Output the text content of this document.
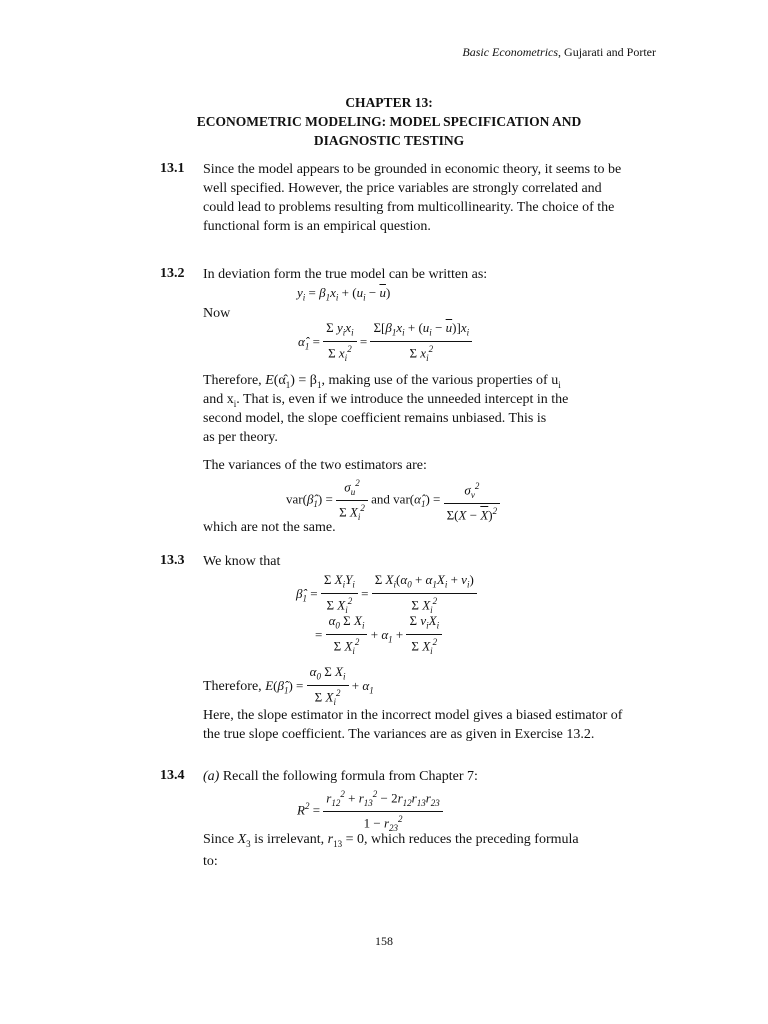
Basic Econometrics, Gujarati and Porter
CHAPTER 13:
ECONOMETRIC MODELING: MODEL SPECIFICATION AND
DIAGNOSTIC TESTING
13.1 Since the model appears to be grounded in economic theory, it seems to be well specified. However, the price variables are strongly correlated and could lead to problems resulting from multicollinearity. The choice of the functional form is an empirical question.
13.2 In deviation form the true model can be written as:
$y_i = \beta_1x_i + (u_i - \overline{u})$
Now
$\alphâ_1 = \frac{\Sigma y_ix_i}{\Sigma x_i^2} = \frac{\Sigma[\beta_1x_i + (u_i - \overline{u})]x_i}{\Sigma x_i^2}$
Therefore, $E(\alphâ_1) = \beta_1$, making use of the various properties of $u_i$
and $x_i$. That is, even if we introduce the unneeded intercept in the
second model, the slope coefficient remains unbiased. This is
as per theory.
The variances of the two estimators are:
$var(\betâ_1) = \frac{\sigma_u^2}{\Sigma X_i^2}$ and $var(\alphâ_1) = \frac{\sigma_v^2}{\Sigma(X - \overline{X})^2}$
which are not the same.
13.3 We know that
$\betâ_1 = \frac{\Sigma X_iY_i}{\Sigma X_i^2} = \frac{\Sigma X_i(\alpha_0 + \alpha_1X_i + v_i)}{\Sigma X_i^2}$
= $\frac{\alpha_0 \Sigma X_i}{\Sigma X_i^2} + \alpha_1 + \frac{\Sigma v_iX_i}{\Sigma X_i^2}$
Therefore, $E(\betâ_1) = \frac{\alpha_0 \Sigma X_i}{\Sigma X_i^2} + \alpha_1$
Here, the slope estimator in the incorrect model gives a biased estimator of the true slope coefficient. The variances are as given in Exercise 13.2.
13.4 (a) Recall the following formula from Chapter 7:
$R^2 = \frac{r_{12}^2 + r_{13}^2 - 2r_{12}r_{13}r_{23}}{1 - r_{23}^2}$
Since $X_3$ is irrelevant, $r_{13} = 0$, which reduces the preceding formula
to:
158
